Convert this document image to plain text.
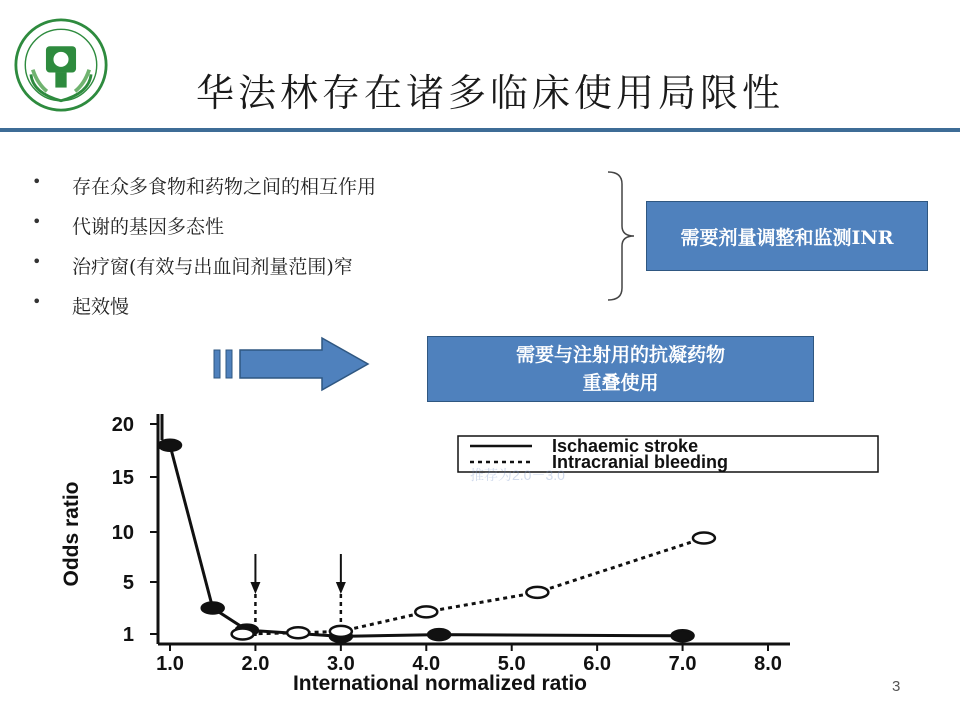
华法林存在诸多临床使用局限性
• 存在众多食物和药物之间的相互作用
• 代谢的基因多态性
• 治疗窗(有效与出血间剂量范围)窄
• 起效慢
需要剂量调整和监测INR
需要与注射用的抗凝药物
重叠使用
1
5
10
15
20
1.0	2.0	3.0	4.0	5.0	6.0	7.0	8.0
International normalized ratio
Odds ratio
Ischaemic stroke
Intracranial bleeding
推荐为2.0－3.0
3
